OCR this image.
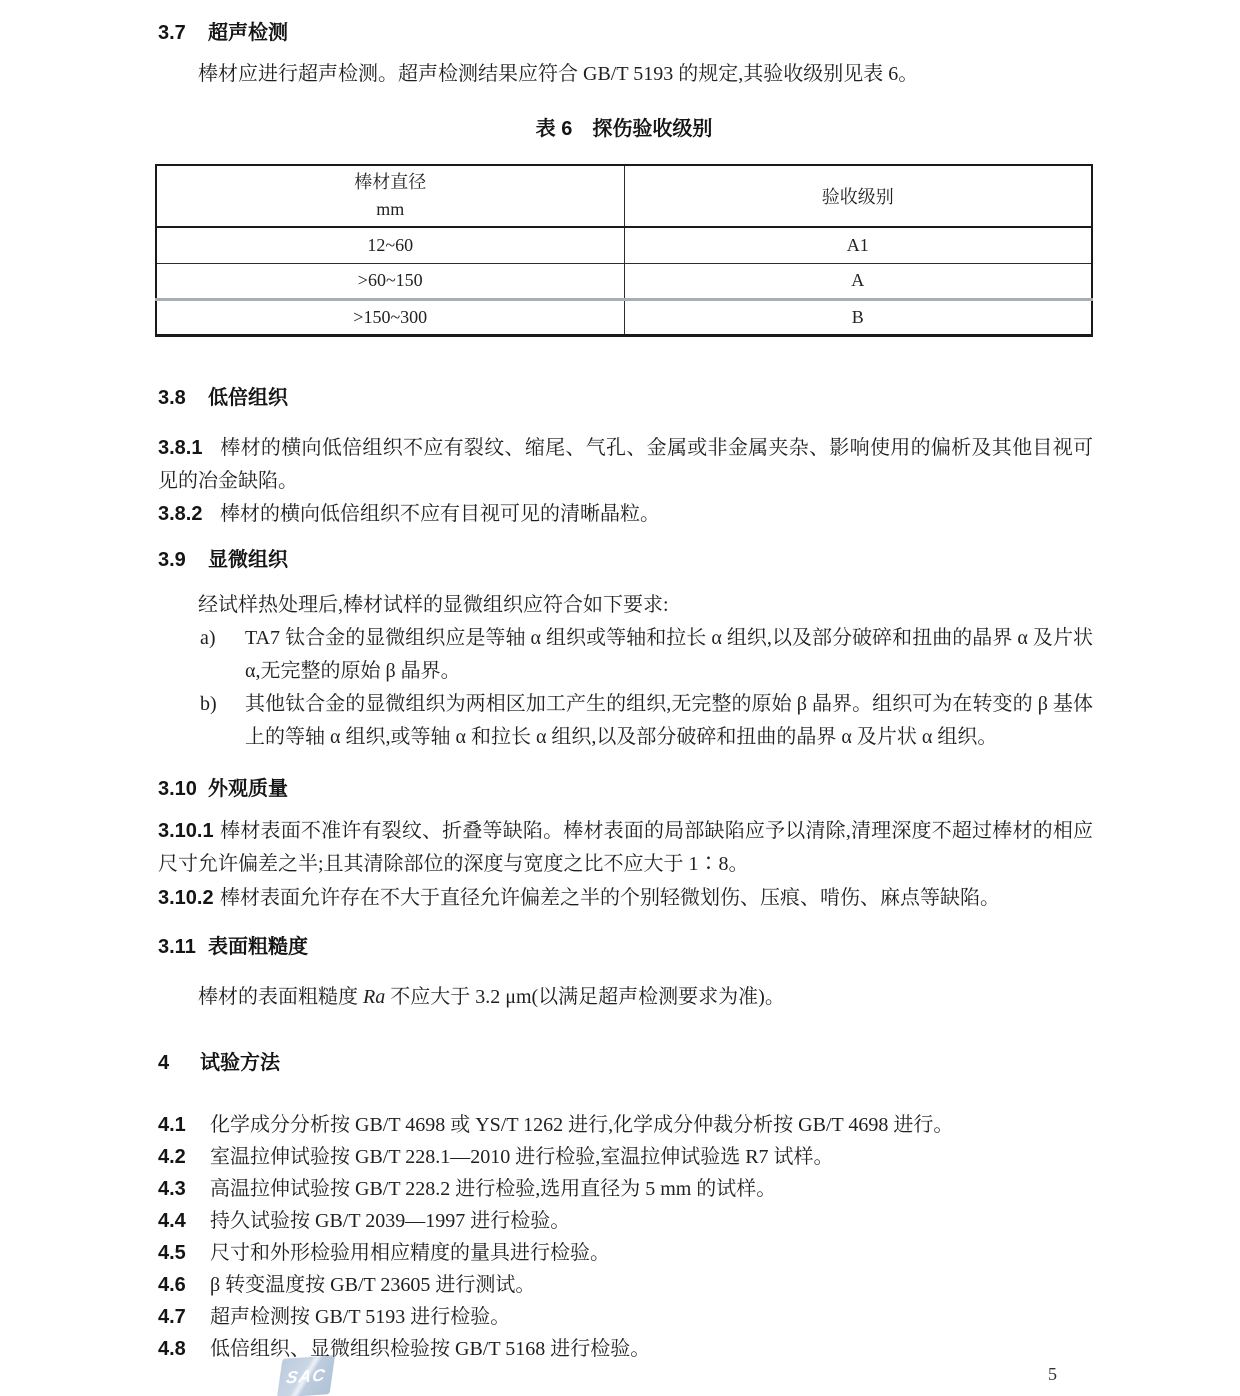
3.7 超声检测

棒材应进行超声检测。超声检测结果应符合 GB/T 5193 的规定,其验收级别见表 6。

表 6　探伤验收级别
棒材直径
mm	验收级别
12~60	A1
>60~150	A
>150~300	B
3.8 低倍组织

3.8.1 棒材的横向低倍组织不应有裂纹、缩尾、气孔、金属或非金属夹杂、影响使用的偏析及其他目视可见的冶金缺陷。

3.8.2 棒材的横向低倍组织不应有目视可见的清晰晶粒。

3.9 显微组织

经试样热处理后,棒材试样的显微组织应符合如下要求:

a)	TA7 钛合金的显微组织应是等轴 α 组织或等轴和拉长 α 组织,以及部分破碎和扭曲的晶界 α 及片状 α,无完整的原始 β 晶界。
b)	其他钛合金的显微组织为两相区加工产生的组织,无完整的原始 β 晶界。组织可为在转变的 β 基体上的等轴 α 组织,或等轴 α 和拉长 α 组织,以及部分破碎和扭曲的晶界 α 及片状 α 组织。
3.10 外观质量

3.10.1 棒材表面不准许有裂纹、折叠等缺陷。棒材表面的局部缺陷应予以清除,清理深度不超过棒材的相应尺寸允许偏差之半;且其清除部位的深度与宽度之比不应大于 1∶8。

3.10.2 棒材表面允许存在不大于直径允许偏差之半的个别轻微划伤、压痕、啃伤、麻点等缺陷。

3.11 表面粗糙度

棒材的表面粗糙度 Ra 不应大于 3.2 μm(以满足超声检测要求为准)。

4 试验方法

4.1 化学成分分析按 GB/T 4698 或 YS/T 1262 进行,化学成分仲裁分析按 GB/T 4698 进行。

4.2 室温拉伸试验按 GB/T 228.1—2010 进行检验,室温拉伸试验选 R7 试样。

4.3 高温拉伸试验按 GB/T 228.2 进行检验,选用直径为 5 mm 的试样。

4.4 持久试验按 GB/T 2039—1997 进行检验。

4.5 尺寸和外形检验用相应精度的量具进行检验。

4.6 β 转变温度按 GB/T 23605 进行测试。

4.7 超声检测按 GB/T 5193 进行检验。

4.8 低倍组织、显微组织检验按 GB/T 5168 进行检验。

SAC	5
